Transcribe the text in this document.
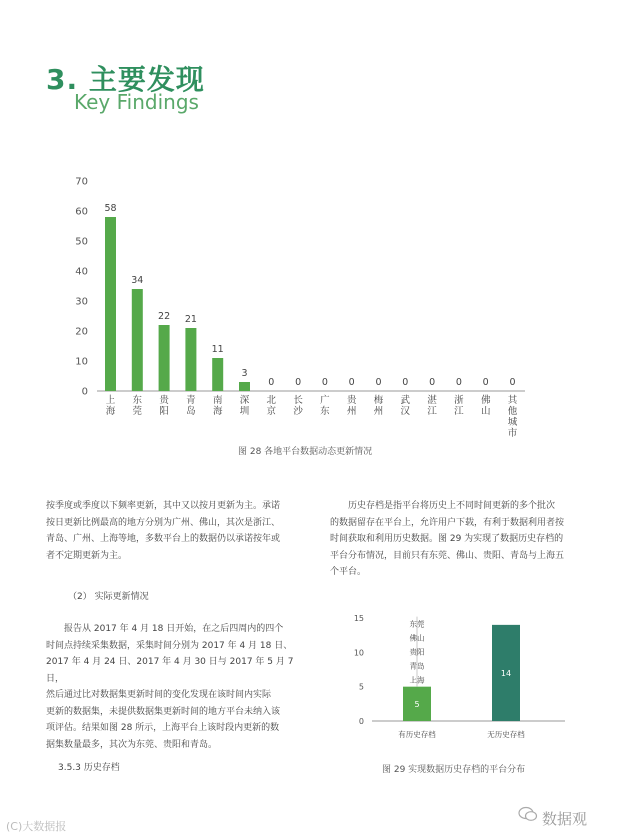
3. 主要发现
Key Findings
0
10
20
30
40
50
60
70
58
上海
34
东莞
22
贵阳
21
青岛
11
南海
3
深圳
0
北京
0
长沙
0
广东
0
贵州
0
梅州
0
武汉
0
湛江
0
浙江
0
佛山
0
其他城市
图 28 各地平台数据动态更新情况

按季度或季度以下频率更新，其中又以按月更新为主。承诺

按日更新比例最高的地方分别为广州、佛山，其次是浙江、

青岛、广州、上海等地，多数平台上的数据仍以承诺按年或

者不定期更新为主。

（2） 实际更新情况

报告从 2017 年 4 月 18 日开始，在之后四周内的四个

时间点持续采集数据，采集时间分别为 2017 年 4 月 18 日、

2017 年 4 月 24 日、2017 年 4 月 30 日与 2017 年 5 月 7 日，

然后通过比对数据集更新时间的变化发现在该时间内实际

更新的数据集，未提供数据集更新时间的地方平台未纳入该

项评估。结果如图 28 所示，上海平台上该时段内更新的数

据集数量最多，其次为东莞、贵阳和青岛。

3.5.3 历史存档

历史存档是指平台将历史上不同时间更新的多个批次

的数据留存在平台上，允许用户下载，有利于数据利用者按

时间获取和利用历史数据。图 29 为实现了数据历史存档的

平台分布情况，目前只有东莞、佛山、贵阳、青岛与上海五

个平台。

0
5
10
15
5
有历史存档
14
无历史存档
东莞
佛山
贵阳
青岛
上海
图 29 实现数据历史存档的平台分布
(C)大数据报	数据观
